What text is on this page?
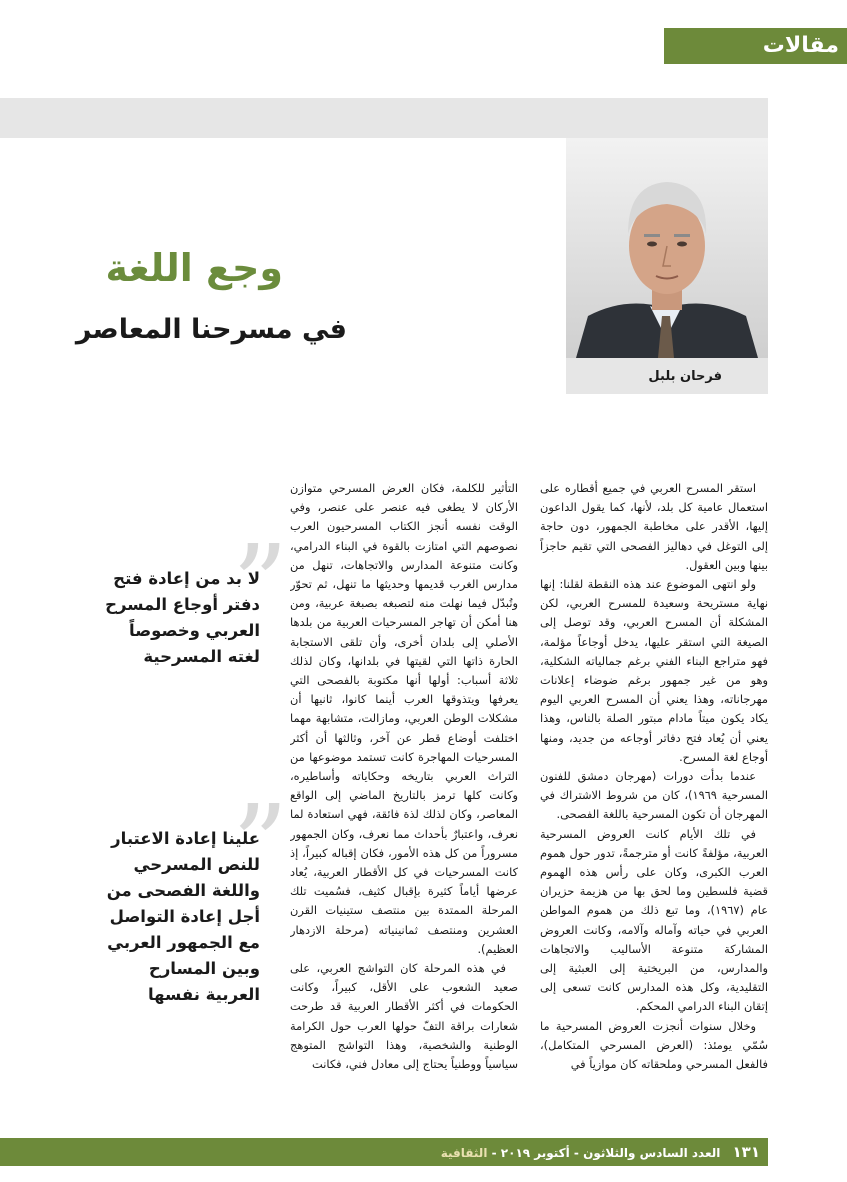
مقالات
فرحان بلبل
وجع اللغة
في مسرحنا المعاصر
”
لا بد من إعادة فتح دفتر أوجاع المسرح العربي وخصوصاً لغته المسرحية
”
علينا إعادة الاعتبار للنص المسرحي واللغة الفصحى من أجل إعادة التواصل مع الجمهور العربي وبين المسارح العربية نفسها

استقر المسرح العربي في جميع أقطاره على استعمال عامية كل بلد، لأنها، كما يقول الداعون إليها، الأقدر على مخاطبة الجمهور، دون حاجة إلى التوغل في دهاليز الفصحى التي تقيم حاجزاً بينها وبين العقول.

ولو انتهى الموضوع عند هذه النقطة لقلنا: إنها نهاية مستريحة وسعيدة للمسرح العربي، لكن المشكلة أن المسرح العربي، وقد توصل إلى الصيغة التي استقر عليها، يدخل أوجاعاً مؤلمة، فهو متراجع البناء الفني برغم جمالياته الشكلية، وهو من غير جمهور برغم ضوضاء إعلانات مهرجاناته، وهذا يعني أن المسرح العربي اليوم يكاد يكون ميتاً مادام مبتور الصلة بالناس، وهذا يعني أن يُعاد فتح دفاتر أوجاعه من جديد، ومنها أوجاع لغة المسرح.

عندما بدأت دورات (مهرجان دمشق للفنون المسرحية ١٩٦٩)، كان من شروط الاشتراك في المهرجان أن تكون المسرحية باللغة الفصحى.

في تلك الأيام كانت العروض المسرحية العربية، مؤلفةً كانت أو مترجمةً، تدور حول هموم العرب الكبرى، وكان على رأس هذه الهموم قضية فلسطين وما لحق بها من هزيمة حزيران عام (١٩٦٧)، وما تبع ذلك من هموم المواطن العربي في حياته وآماله وآلامه، وكانت العروض المشاركة متنوعة الأساليب والاتجاهات والمدارس، من البريختية إلى العبثية إلى التقليدية، وكل هذه المدارس كانت تسعى إلى إتقان البناء الدرامي المحكم.

وخلال سنوات أنجزت العروض المسرحية ما سُمّي يومئذ: (العرض المسرحي المتكامل)، فالفعل المسرحي وملحقاته كان موازياً في

التأثير للكلمة، فكان العرض المسرحي متوازن الأركان لا يطغى فيه عنصر على عنصر، وفي الوقت نفسه أنجز الكتاب المسرحيون العرب نصوصهم التي امتازت بالقوة في البناء الدرامي، وكانت متنوعة المدارس والاتجاهات، تنهل من مدارس الغرب قديمها وحديثها ما تنهل، ثم تحوّر وتُبدّل فيما نهلت منه لتصبغه بصبغة عربية، ومن هنا أمكن أن تهاجر المسرحيات العربية من بلدها الأصلي إلى بلدان أخرى، وأن تلقى الاستجابة الحارة ذاتها التي لقيتها في بلدانها، وكان لذلك ثلاثة أسباب: أولها أنها مكتوبة بالفصحى التي يعرفها ويتذوقها العرب أينما كانوا، ثانيها أن مشكلات الوطن العربي، ومازالت، متشابهة مهما اختلفت أوضاع قطر عن آخر، وثالثها أن أكثر المسرحيات المهاجرة كانت تستمد موضوعها من التراث العربي بتاريخه وحكاياته وأساطيره، وكانت كلها ترمز بالتاريخ الماضي إلى الواقع المعاصر، وكان لذلك لذة فائقة، فهي استعادة لما نعرف، واعتبارٌ بأحداث مما نعرف، وكان الجمهور مسروراً من كل هذه الأمور، فكان إقباله كبيراً، إذ كانت المسرحيات في كل الأقطار العربية، يُعاد عرضها أياماً كثيرة بإقبال كثيف، فسُميت تلك المرحلة الممتدة بين منتصف ستينيات القرن العشرين ومنتصف ثمانينياته (مرحلة الازدهار العظيم).

في هذه المرحلة كان التواشج العربي، على صعيد الشعوب على الأقل، كبيراً، وكانت الحكومات في أكثر الأقطار العربية قد طرحت شعارات براقة التفّ حولها العرب حول الكرامة الوطنية والشخصية، وهذا التواشج المتوهج سياسياً ووطنياً يحتاج إلى معادل فني، فكانت

١٣١ العدد السادس والثلاثون - أكتوبر ٢٠١٩ - الثقافية
